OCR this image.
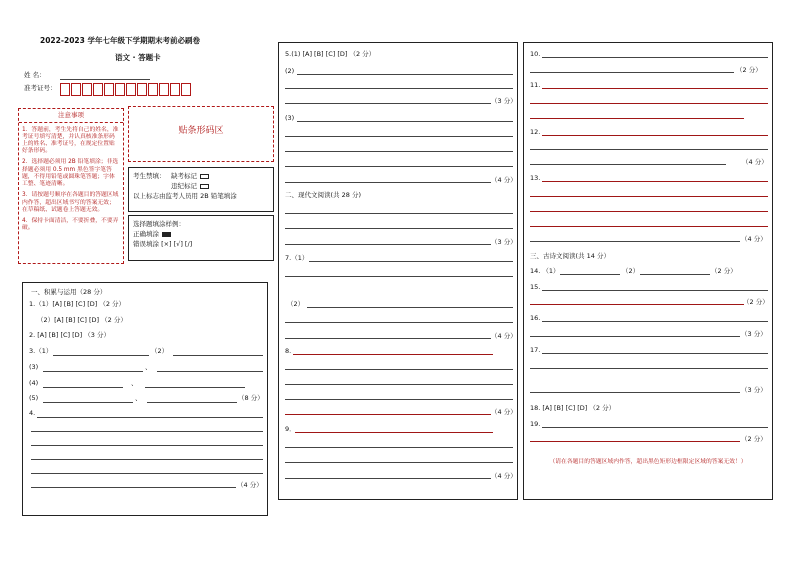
2022-2023 学年七年级下学期期末考前必刷卷
语文 · 答题卡
姓 名：
准考证号：
注意事项
1．答题前，考生先将自己的姓名，准考证号填写清楚，并认真核准条形码上的姓名、准考证号，在规定位置贴好条形码。
2．选择题必须用 2B 铅笔填涂；非选择题必须用 0.5 mm 黑色签字笔答题，不得用铅笔或圆珠笔答题；字体工整、笔迹清晰。
3．请按题号顺序在各题目的答题区域内作答，超出区域书写的答案无效；在草稿纸、试题卷上答题无效。
4．保持卡面清洁，不要折叠，不要弄破。
贴条形码区
考生禁填： 缺考标记
违纪标记
以上标志由监考人员用 2B 铅笔填涂
选择题填涂样例：
正确填涂
错误填涂 [×] [√] [/]
一、积累与运用（28 分）
1.（1）[A] [B] [C] [D] （2 分）
（2）[A] [B] [C] [D] （2 分）
2. [A] [B] [C] [D] （3 分）
3.（1）	（2）
(3)	、
(4)	、
(5)	、	（8 分）
4.
（4 分）
5.(1) [A] [B] [C] [D] （2 分）
(2)
（3 分）
(3)
（4 分）
二、现代文阅读(共 28 分)
（3 分）
7.（1）
（2）
（4 分）
8.
（4 分）
9．
（4 分）
10.
（2 分）
11.
12.
（4 分）
13.
（4 分）
三、古诗文阅读(共 14 分）
14. （1）	（2）	（2 分）
15.
（2 分）
16.
（3 分）
17.
（3 分）
18. [A] [B] [C] [D] （2 分）
19.
（2 分）
（请在各题目的答题区域内作答，超出黑色矩形边框限定区域的答案无效！）
